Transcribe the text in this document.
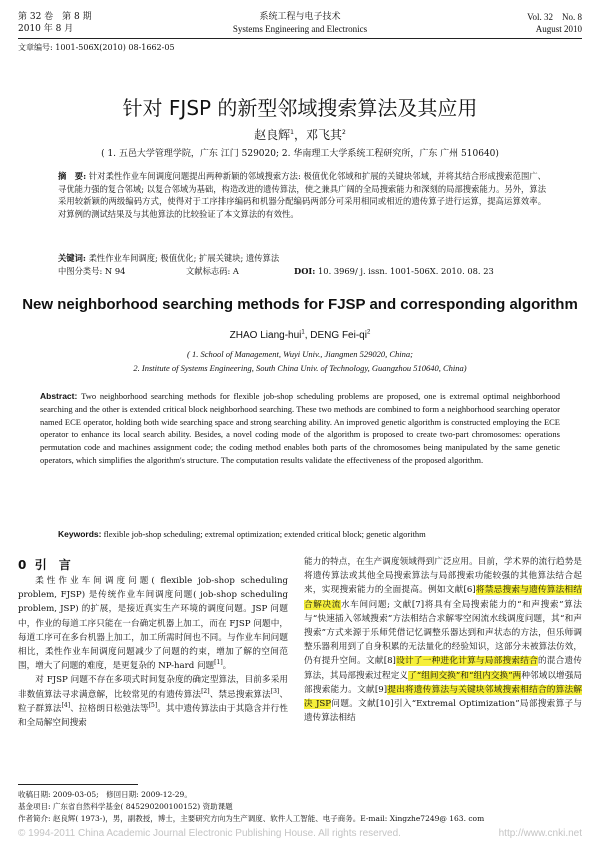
第 32 卷　第 8 期
2010 年 8 月
系统工程与电子技术
Systems Engineering and Electronics
Vol. 32　No. 8
August 2010
文章编号: 1001-506X(2010) 08-1662-05
针对 FJSP 的新型邻域搜索算法及其应用
赵良辉$^1$，邓飞其$^2$
( 1. 五邑大学管理学院，广东 江门 529020; 2. 华南理工大学系统工程研究所，广东 广州 510640)
摘　要: 针对柔性作业车间调度问题提出两种新颖的邻域搜索方法: 极值优化邻域和扩展的关键块邻域，并将其结合形成搜索范围广、寻优能力强的复合邻域; 以复合邻域为基础，构造改进的遗传算法，使之兼具广阔的全局搜索能力和深刻的局部搜索能力。另外，算法采用较新颖的两级编码方式，使得对于工序排序编码和机器分配编码两部分可采用相同或相近的遗传算子进行运算，提高运算效率。对算例的测试结果及与其他算法的比较验证了本文算法的有效性。
关键词: 柔性作业车间调度; 极值优化; 扩展关键块; 遗传算法
中图分类号: N 94	文献标志码: A	DOI: 10. 3969/ j. issn. 1001-506X. 2010. 08. 23
New neighborhood searching methods for FJSP and corresponding algorithm
ZHAO Liang-hui$^1$, DENG Fei-$qi^2$
( 1. School of Management, Wuyi Univ., Jiangmen 529020, China;
2. Institute of Systems Engineering, South China Univ. of Technology, Guangzhou 510640, China)
Abstract: Two neighborhood searching methods for flexible job-shop scheduling problems are proposed, one is extremal optimal neighborhood searching and the other is extended critical block neighborhood searching. These two methods are combined to form a neighborhood searching operator named ECE operator, holding both wide searching space and strong searching ability. An improved genetic algorithm is constructed employing the ECE operator to enhance its local search ability. Besides, a novel coding mode of the algorithm is proposed to create two-part chromosomes: operations permutation code and machines assignment code; the coding method enables both parts of the chromosomes being manipulated by the same genetic operators, which simplifies the algorithm's structure. The computation results validate the effectiveness of the proposed algorithm.
Keywords: flexible job-shop scheduling; extremal optimization; extended critical block; genetic algorithm
0 引　言

柔性作业车间调度问题( flexible job-shop scheduling problem, FJSP) 是传统作业车间调度问题( job-shop scheduling problem, JSP) 的扩展，是接近真实生产环境的调度问题。JSP 问题中，作业的每道工序只能在一台确定机器上加工，而在 FJSP 问题中，每道工序可在多台机器上加工，加工所需时间也不同。与作业车间问题相比，柔性作业车间调度问题减少了问题的约束，增加了解的空间范围，增大了问题的难度，是更复杂的 NP-hard 问题[1]。

对 FJSP 问题不存在多项式时间复杂度的确定型算法，目前多采用非数值算法寻求满意解，比较常见的有遗传算法[2]、禁忌搜索算法[3]、粒子群算法[4]、拉格朗日松弛法等[5]。其中遗传算法由于其隐含并行性和全局解空间搜索

能力的特点，在生产调度领域得到广泛应用。目前，学术界的流行趋势是将遗传算法或其他全局搜索算法与局部搜索功能较强的其他算法结合起来，实现搜索能力的全面提高。例如文献[6]将禁忌搜索与遗传算法相结合解决流水车间问题; 文献[7]将具有全局搜索能力的“和声搜索”算法与“快速插入邻域搜索”方法相结合求解零空闲流水线调度问题，其“和声搜索”方式来源于乐师凭借记忆调整乐器达到和声状态的方法，但乐师调整乐器利用到了自身积累的无法量化的经验知识，这部分未被算法仿效，仍有提升空间。文献[8]设计了一种进化计算与局部搜索结合的混合遗传算法，其局部搜索过程定义了“组间交换”和“组内交换”两种邻域以增强局部搜索能力。文献[9]提出将遗传算法与关键块邻域搜索相结合的算法解决 JSP问题。文献[10]引入“Extremal Optimization”局部搜索算子与遗传算法相结
收稿日期: 2009-03-05;　修回日期: 2009-12-29。
基金项目: 广东省自然科学基金( 845290200100152) 资助课题
作者简介: 赵良辉( 1973-)，男，副教授，博士，主要研究方向为生产调度、软件人工智能、电子商务。E-mail: Xingzhe7249@ 163. com
© 1994-2011 China Academic Journal Electronic Publishing House. All rights reserved.	http://www.cnki.net
